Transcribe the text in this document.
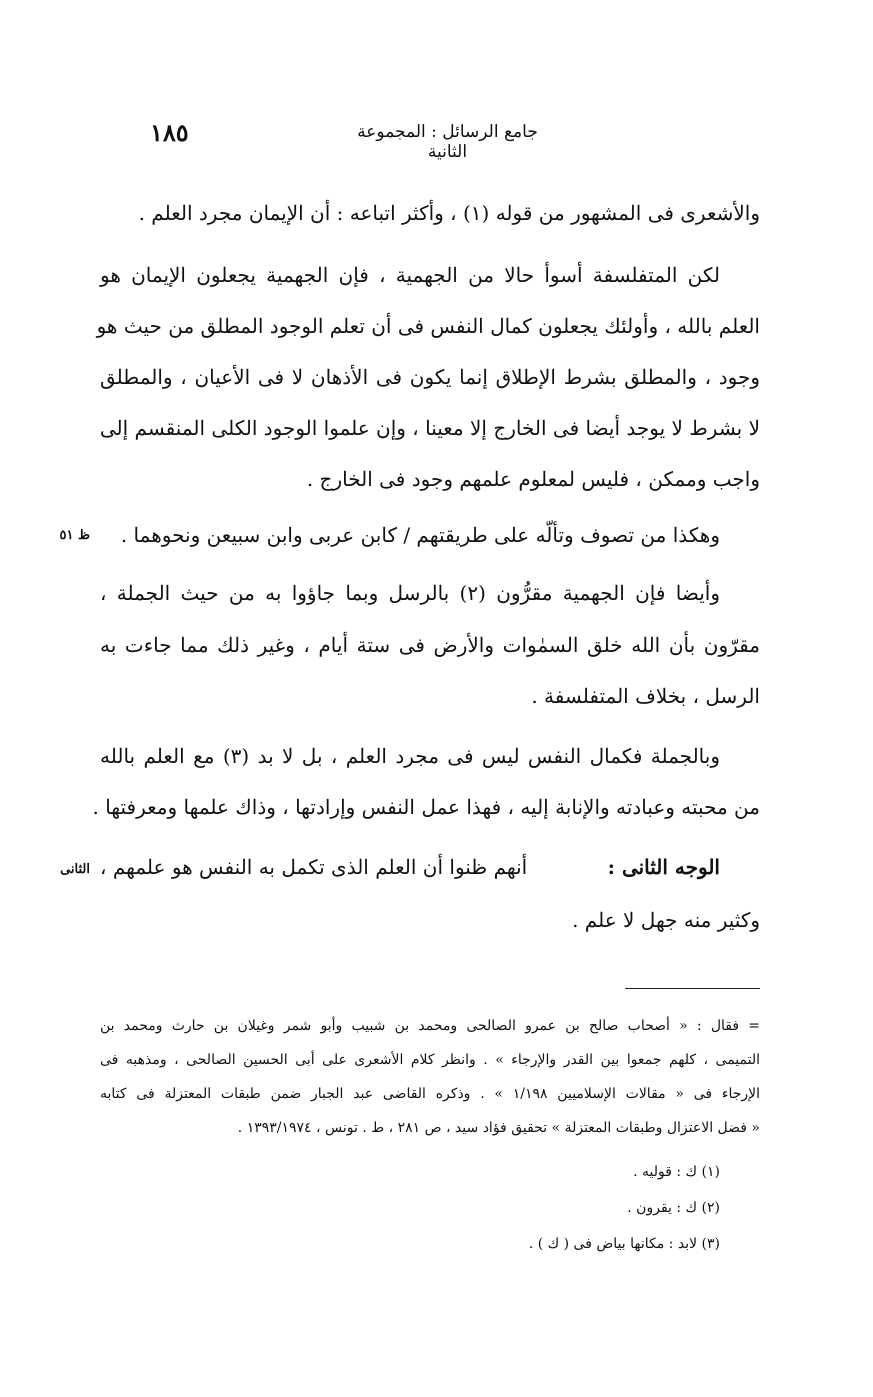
١٨٥	جامع الرسائل : المجموعة الثانية
والأشعرى فى المشهور من قوله (١) ، وأكثر اتباعه : أن الإيمان مجرد العلم .
لكن المتفلسفة أسوأ حالا من الجهمية ، فإن الجهمية يجعلون الإيمان هو
العلم بالله ، وأولئك يجعلون كمال النفس فى أن تعلم الوجود المطلق من حيث هو
وجود ، والمطلق بشرط الإطلاق إنما يكون فى الأذهان لا فى الأعيان ، والمطلق
لا بشرط لا يوجد أيضا فى الخارج إلا معينا ، وإن علموا الوجود الكلى المنقسم إلى
واجب وممكن ، فليس لمعلوم علمهم وجود فى الخارج .
وهكذا من تصوف وتألّه على طريقتهم / كابن عربى وابن سبيعن ونحوهما .
ظ ٥١
وأيضا فإن الجهمية مقرُّون (٢) بالرسل وبما جاؤوا به من حيث الجملة ،
مقرّون بأن الله خلق السمٰوات والأرض فى ستة أيام ، وغير ذلك مما جاءت به
الرسل ، بخلاف المتفلسفة .
وبالجملة فكمال النفس ليس فى مجرد العلم ، بل لا بد (٣) مع العلم بالله
من محبته وعبادته والإنابة إليه ، فهذا عمل النفس وإرادتها ، وذاك علمها ومعرفتها .
الوجه الثانى :
أنهم ظنوا أن العلم الذى تكمل به النفس هو علمهم ،
الثانى
وكثير منه جهل لا علم .
= فقال : « أصحاب صالح بن عمرو الصالحى ومحمد بن شبيب وأبو شمر وغيلان بن حارث ومحمد بن
التميمى ، كلهم جمعوا بين القدر والإرجاء » . وانظر كلام الأشعرى على أبى الحسين الصالحى ، ومذهبه فى
الإرجاء فى « مقالات الإسلاميين ١/١٩٨ » . وذكره القاضى عبد الجبار ضمن طبقات المعتزلة فى كتابه
« فضل الاعتزال وطبقات المعتزلة » تحقيق فؤاد سيد ، ص ٢٨١ ، ط . تونس ، ١٣٩٣/١٩٧٤ .
(١) ك : قوليه .
(٢) ك : يقرون .
(٣) لابد : مكانها بياض فى ( ك ) .
